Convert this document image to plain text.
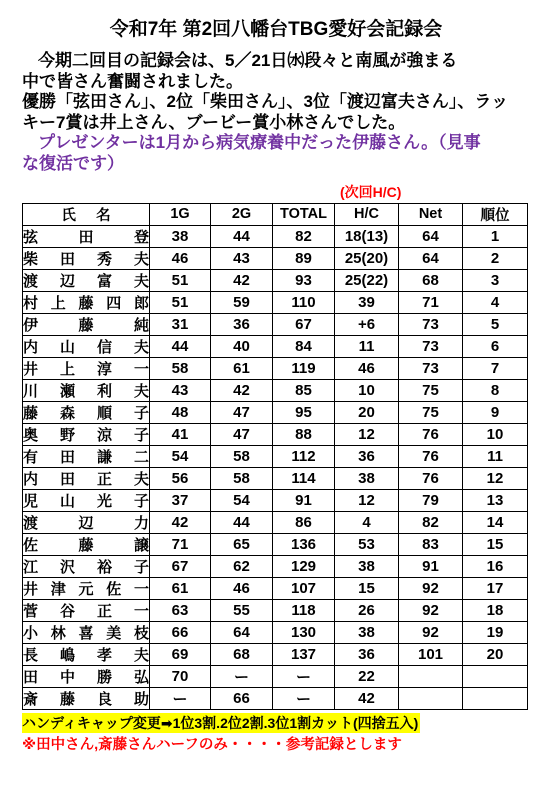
令和7年 第2回八幡台TBG愛好会記録会
今期二回目の記録会は、5／21日㈬段々と南風が強まる
中で皆さん奮闘されました。
優勝「弦田さん」、2位「柴田さん」、3位「渡辺富夫さん」、ラッ
キー7賞は井上さん、ブービー賞小林さんでした。
プレゼンターは1月から病気療養中だった伊藤さん。（見事
な復活です）
(次回H/C)
氏名	1G	2G	TOTAL	H/C	Net	順位
弦田登	38	44	82	18(13)	64	1
柴田秀夫	46	43	89	25(20)	64	2
渡辺富夫	51	42	93	25(22)	68	3
村上藤四郎	51	59	110	39	71	4
伊藤純	31	36	67	+6	73	5
内山信夫	44	40	84	11	73	6
井上淳一	58	61	119	46	73	7
川瀬利夫	43	42	85	10	75	8
藤森順子	48	47	95	20	75	9
奥野涼子	41	47	88	12	76	10
有田謙二	54	58	112	36	76	11
内田正夫	56	58	114	38	76	12
児山光子	37	54	91	12	79	13
渡辺力	42	44	86	4	82	14
佐藤譲	71	65	136	53	83	15
江沢裕子	67	62	129	38	91	16
井津元佐一	61	46	107	15	92	17
菅谷正一	63	55	118	26	92	18
小林喜美枝	66	64	130	38	92	19
長嶋孝夫	69	68	137	36	101	20
田中勝弘	70	ー	ー	22		
斎藤良助	ー	66	ー	42		
ハンディキャップ変更➡1位3割.2位2割.3位1割カット(四捨五入)
※田中さん,斎藤さんハーフのみ・・・・参考記録とします
